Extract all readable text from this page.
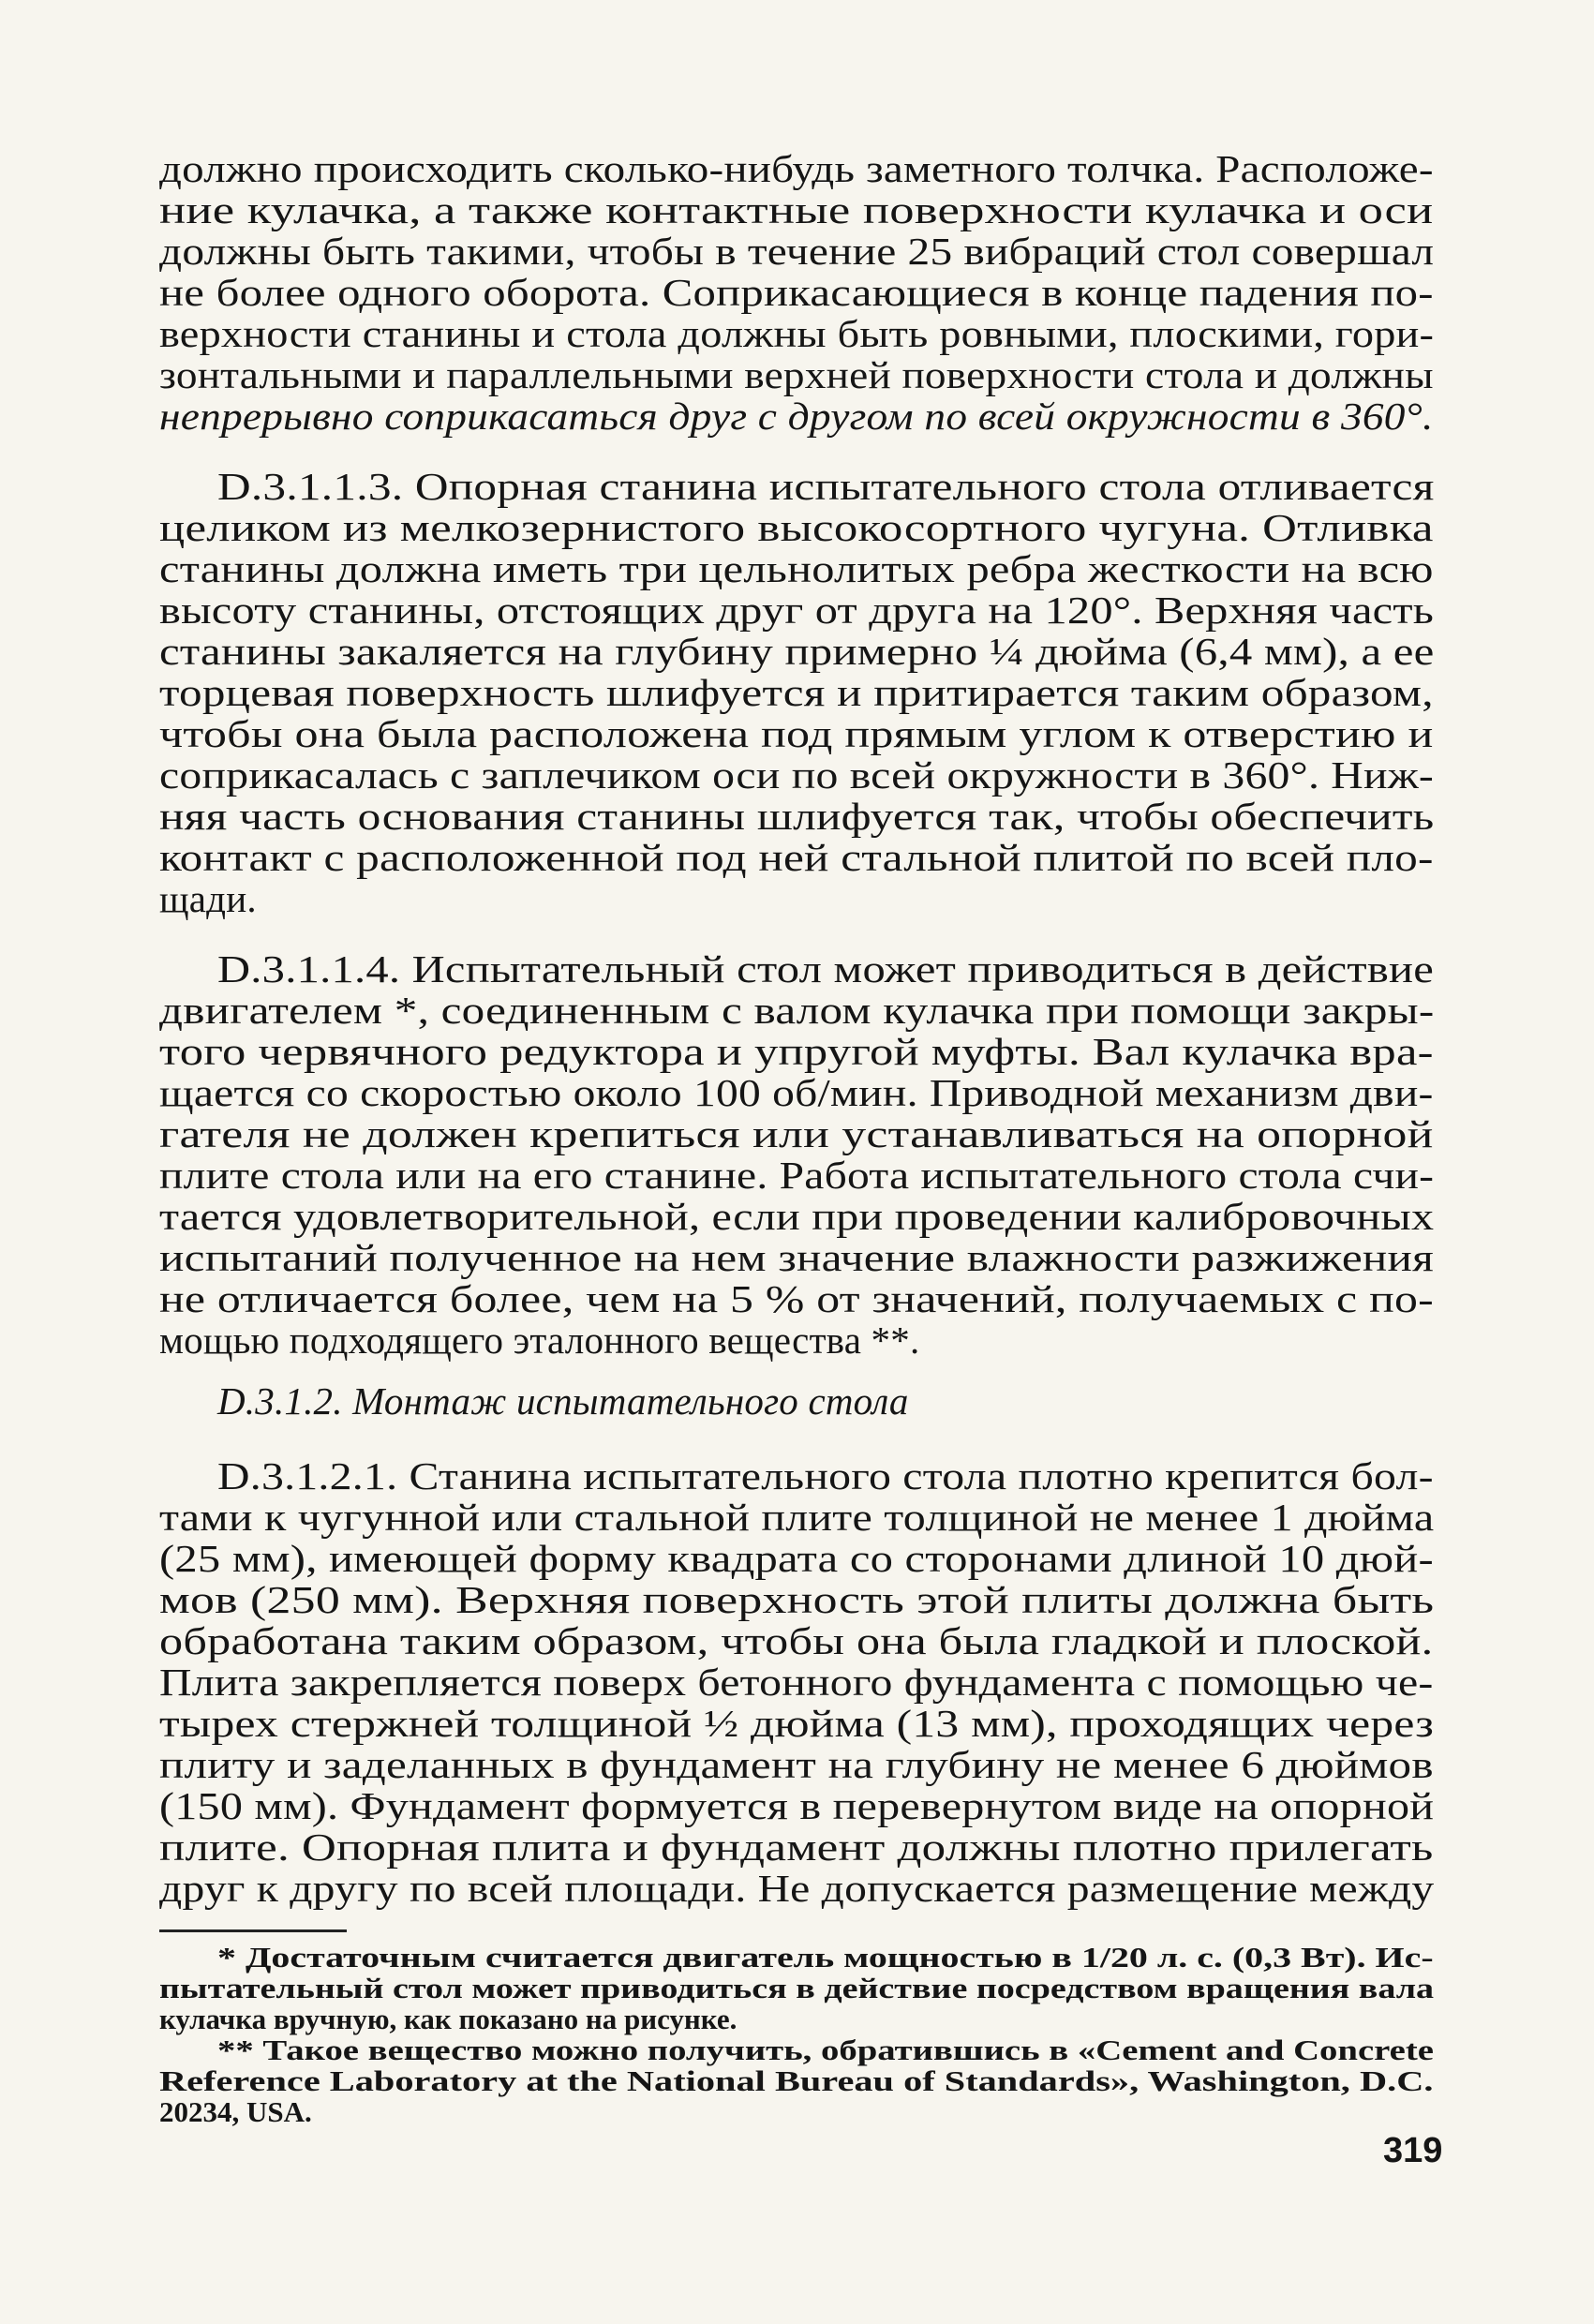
должно происходить сколько-нибудь заметного толчка. Расположе-
ние кулачка, а также контактные поверхности кулачка и оси
должны быть такими, чтобы в течение 25 вибраций стол совершал
не более одного оборота. Соприкасающиеся в конце падения по-
верхности станины и стола должны быть ровными, плоскими, гори-
зонтальными и параллельными верхней поверхности стола и должны
непрерывно соприкасаться друг с другом по всей окружности в 360°.
D.3.1.1.3. Опорная станина испытательного стола отливается
целиком из мелкозернистого высокосортного чугуна. Отливка
станины должна иметь три цельнолитых ребра жесткости на всю
высоту станины, отстоящих друг от друга на 120°. Верхняя часть
станины закаляется на глубину примерно ¼ дюйма (6,4 мм), а ее
торцевая поверхность шлифуется и притирается таким образом,
чтобы она была расположена под прямым углом к отверстию и
соприкасалась с заплечиком оси по всей окружности в 360°. Ниж-
няя часть основания станины шлифуется так, чтобы обеспечить
контакт с расположенной под ней стальной плитой по всей пло-
щади.
D.3.1.1.4. Испытательный стол может приводиться в действие
двигателем *, соединенным с валом кулачка при помощи закры-
того червячного редуктора и упругой муфты. Вал кулачка вра-
щается со скоростью около 100 об/мин. Приводной механизм дви-
гателя не должен крепиться или устанавливаться на опорной
плите стола или на его станине. Работа испытательного стола счи-
тается удовлетворительной, если при проведении калибровочных
испытаний полученное на нем значение влажности разжижения
не отличается более, чем на 5 % от значений, получаемых с по-
мощью подходящего эталонного вещества **.
D.3.1.2. Монтаж испытательного стола
D.3.1.2.1. Станина испытательного стола плотно крепится бол-
тами к чугунной или стальной плите толщиной не менее 1 дюйма
(25 мм), имеющей форму квадрата со сторонами длиной 10 дюй-
мов (250 мм). Верхняя поверхность этой плиты должна быть
обработана таким образом, чтобы она была гладкой и плоской.
Плита закрепляется поверх бетонного фундамента с помощью че-
тырех стержней толщиной ½ дюйма (13 мм), проходящих через
плиту и заделанных в фундамент на глубину не менее 6 дюймов
(150 мм). Фундамент формуется в перевернутом виде на опорной
плите. Опорная плита и фундамент должны плотно прилегать
друг к другу по всей площади. Не допускается размещение между
* Достаточным считается двигатель мощностью в 1/20 л. с. (0,3 Вт). Ис-
пытательный стол может приводиться в действие посредством вращения вала
кулачка вручную, как показано на рисунке.
** Такое вещество можно получить, обратившись в «Cement and Concrete
Reference Laboratory at the National Bureau of Standards», Washington, D.C.
20234, USA.
319
